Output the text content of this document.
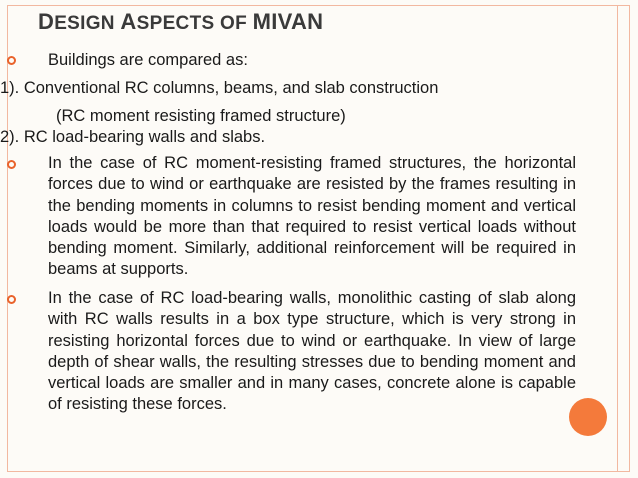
DESIGN ASPECTS OF MIVAN
Buildings are compared as:
1). Conventional RC columns, beams, and slab construction
(RC moment resisting framed structure)
2). RC load-bearing walls and slabs.
In the case of RC moment-resisting framed structures, the horizontal forces due to wind or earthquake are resisted by the frames resulting in the bending moments in columns to resist bending moment and vertical loads would be more than that required to resist vertical loads without bending moment. Similarly, additional reinforcement will be required in beams at supports.
In the case of RC load-bearing walls, monolithic casting of slab along with RC walls results in a box type structure, which is very strong in resisting horizontal forces due to wind or earthquake. In view of large depth of shear walls, the resulting stresses due to bending moment and vertical loads are smaller and in many cases, concrete alone is capable of resisting these forces.
